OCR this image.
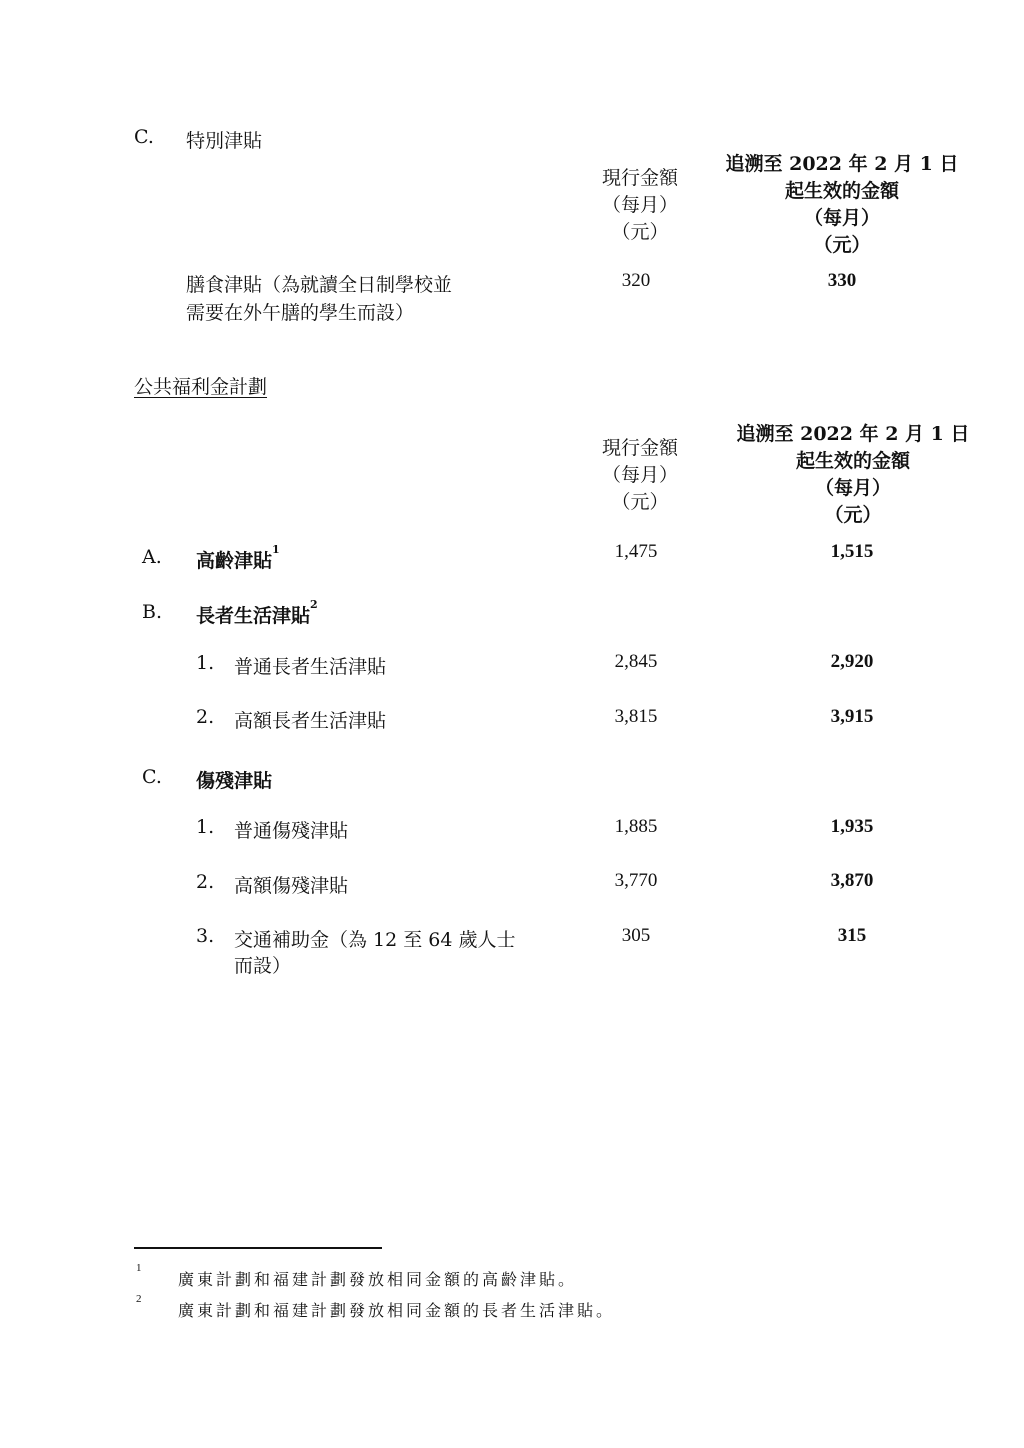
C. 特別津貼
現行金額
（每月）
（元）
追溯至 2022 年 2 月 1 日
起生效的金額
（每月）
（元）
膳食津貼（為就讀全日制學校並
需要在外午膳的學生而設）
320	330
公共福利金計劃
現行金額
（每月）
（元）
追溯至 2022 年 2 月 1 日
起生效的金額
（每月）
（元）
A. 高齡津貼$^1$	1,475	1,515
B. 長者生活津貼$^2$
1. 普通長者生活津貼	2,845	2,920
2. 高額長者生活津貼	3,815	3,915
C. 傷殘津貼
1. 普通傷殘津貼	1,885	1,935
2. 高額傷殘津貼	3,770	3,870
3. 交通補助金（為 12 至 64 歲人士
而設）
305	315
1
廣東計劃和福建計劃發放相同金額的高齡津貼。
2
廣東計劃和福建計劃發放相同金額的長者生活津貼。
